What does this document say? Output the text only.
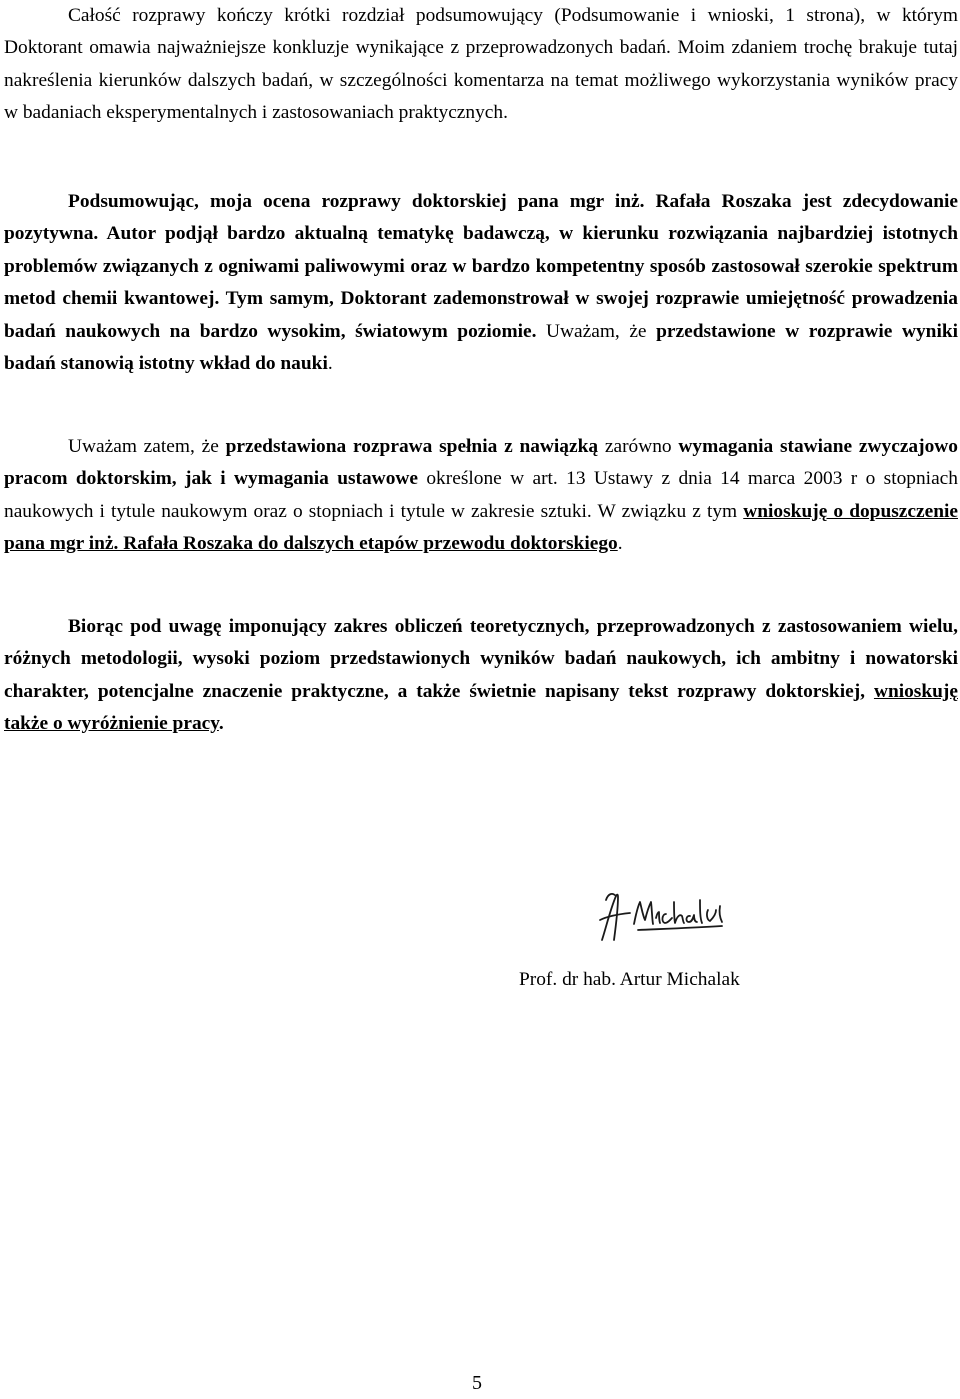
Całość rozprawy kończy krótki rozdział podsumowujący (Podsumowanie i wnioski, 1 strona), w którym Doktorant omawia najważniejsze konkluzje wynikające z przeprowadzonych badań. Moim zdaniem trochę brakuje tutaj nakreślenia kierunków dalszych badań, w szczególności komentarza na temat możliwego wykorzystania wyników pracy w badaniach eksperymentalnych i zastosowaniach praktycznych.

Podsumowując, moja ocena rozprawy doktorskiej pana mgr inż. Rafała Roszaka jest zdecydowanie pozytywna. Autor podjął bardzo aktualną tematykę badawczą, w kierunku rozwiązania najbardziej istotnych problemów związanych z ogniwami paliwowymi oraz w bardzo kompetentny sposób zastosował szerokie spektrum metod chemii kwantowej. Tym samym, Doktorant zademonstrował w swojej rozprawie umiejętność prowadzenia badań naukowych na bardzo wysokim, światowym poziomie. Uważam, że przedstawione w rozprawie wyniki badań stanowią istotny wkład do nauki.

Uważam zatem, że przedstawiona rozprawa spełnia z nawiązką zarówno wymagania stawiane zwyczajowo pracom doktorskim, jak i wymagania ustawowe określone w art. 13 Ustawy z dnia 14 marca 2003 r o stopniach naukowych i tytule naukowym oraz o stopniach i tytule w zakresie sztuki. W związku z tym wnioskuję o dopuszczenie pana mgr inż. Rafała Roszaka do dalszych etapów przewodu doktorskiego.

Biorąc pod uwagę imponujący zakres obliczeń teoretycznych, przeprowadzonych z zastosowaniem wielu, różnych metodologii, wysoki poziom przedstawionych wyników badań naukowych, ich ambitny i nowatorski charakter, potencjalne znaczenie praktyczne, a także świetnie napisany tekst rozprawy doktorskiej, wnioskuję także o wyróżnienie pracy.

Prof. dr hab. Artur Michalak

5
